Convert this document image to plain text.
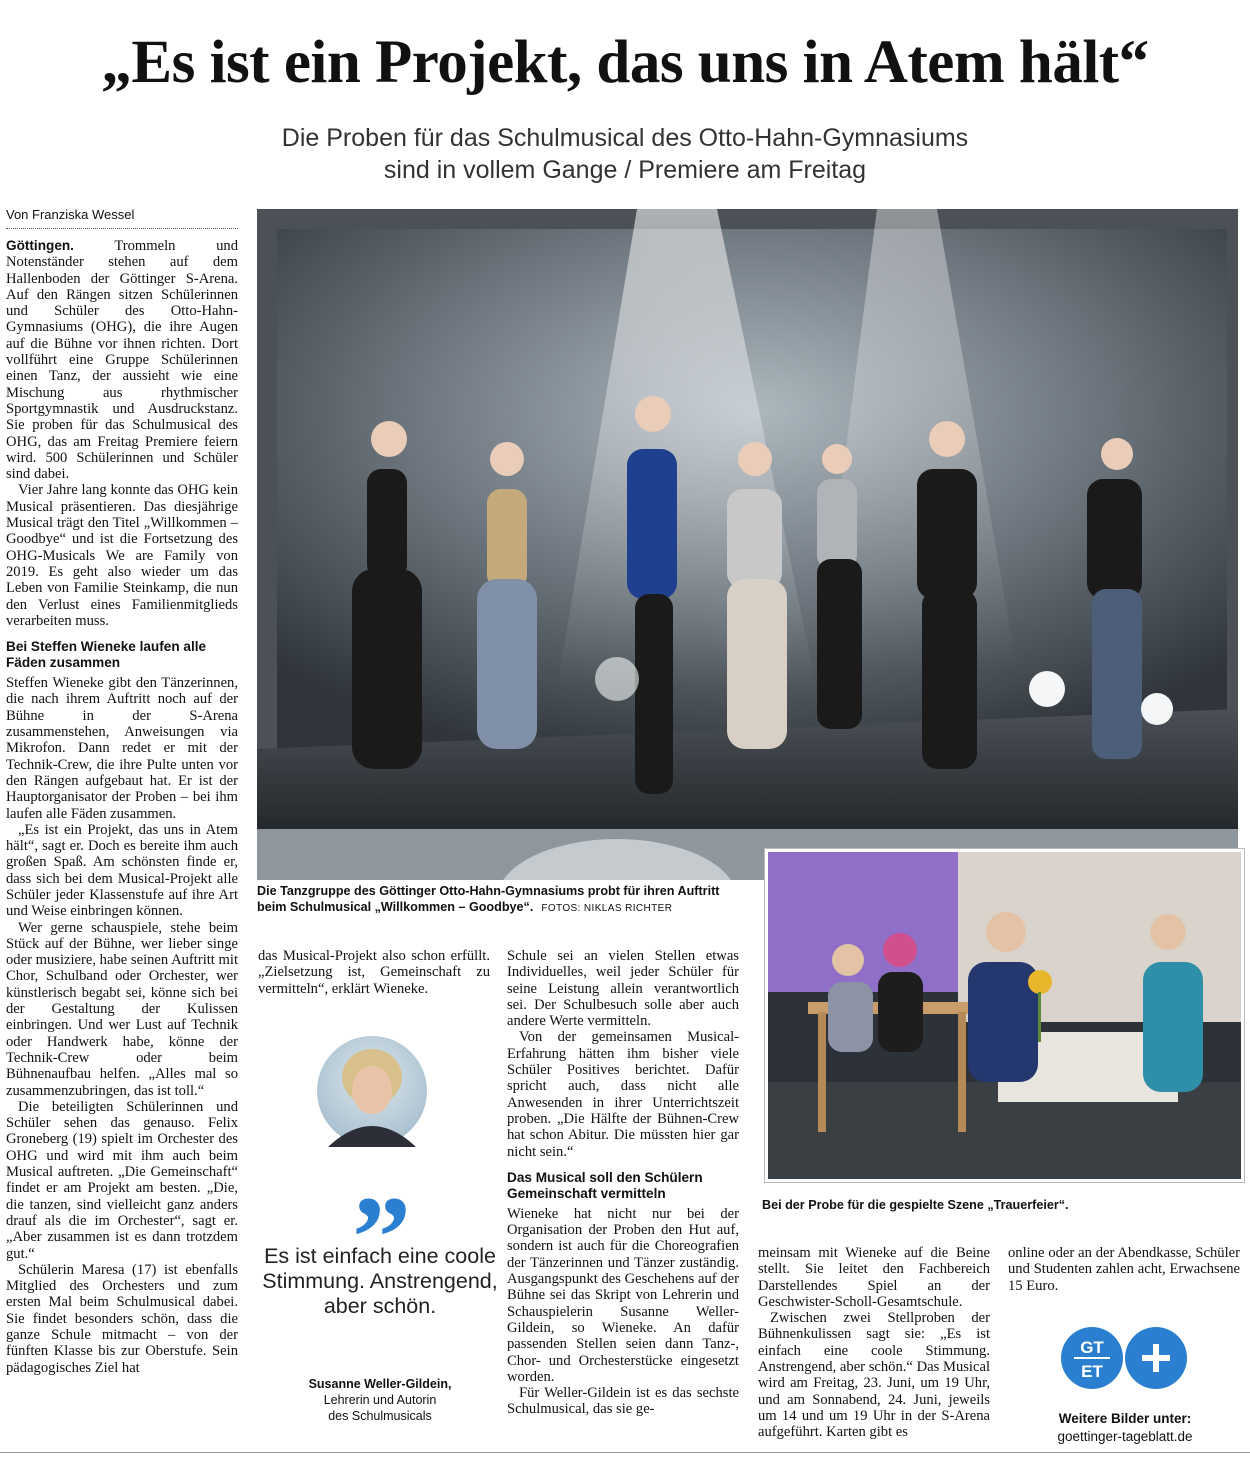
„Es ist ein Projekt, das uns in Atem hält“
Die Proben für das Schulmusical des Otto-Hahn-Gymnasiums
sind in vollem Gange / Premiere am Freitag
Von Franziska Wessel

Göttingen.	Trommeln und Notenständer stehen auf dem Hallenboden der Göttinger S-Arena. Auf den Rängen sitzen Schülerinnen und Schüler des Otto-Hahn-Gymnasiums (OHG), die ihre Augen auf die Bühne vor ihnen richten. Dort vollführt eine Gruppe Schülerinnen einen Tanz, der aussieht wie eine Mischung aus rhythmischer Sportgymnastik und Ausdruckstanz. Sie proben für das Schulmusical des OHG, das am Freitag Premiere feiern wird. 500 Schülerinnen und Schüler sind dabei.

Vier Jahre lang konnte das OHG kein Musical präsentieren. Das diesjährige Musical trägt den Titel „Willkommen – Goodbye“ und ist die Fortsetzung des OHG-Musicals We are Family von 2019. Es geht also wieder um das Leben von Familie Steinkamp, die nun den Verlust eines Familienmitglieds verarbeiten muss.

Bei Steffen Wieneke laufen alle Fäden zusammen

Steffen Wieneke gibt den Tänzerinnen, die nach ihrem Auftritt noch auf der Bühne in der S-Arena zusammenstehen, Anweisungen via Mikrofon. Dann redet er mit der Technik-Crew, die ihre Pulte unten vor den Rängen aufgebaut hat. Er ist der Hauptorganisator der Proben – bei ihm laufen alle Fäden zusammen.

„Es ist ein Projekt, das uns in Atem hält“, sagt er. Doch es bereite ihm auch großen Spaß. Am schönsten finde er, dass sich bei dem Musical-Projekt alle Schüler jeder Klassenstufe auf ihre Art und Weise einbringen können.

Wer gerne schauspiele, stehe beim Stück auf der Bühne, wer lieber singe oder musiziere, habe seinen Auftritt mit Chor, Schulband oder Orchester, wer künstlerisch begabt sei, könne sich bei der Gestaltung der Kulissen einbringen. Und wer Lust auf Technik oder Handwerk habe, könne der Technik-Crew oder beim Bühnenaufbau helfen. „Alles mal so zusammenzubringen, das ist toll.“

Die beteiligten Schülerinnen und Schüler sehen das genauso. Felix Groneberg (19) spielt im Orchester des OHG und wird mit ihm auch beim Musical auftreten. „Die Gemeinschaft“ findet er am Projekt am besten. „Die, die tanzen, sind vielleicht ganz anders drauf als die im Orchester“, sagt er. „Aber zusammen ist es dann trotzdem gut.“

Schülerin Maresa (17) ist ebenfalls Mitglied des Orchesters und zum ersten Mal beim Schulmusical dabei. Sie findet besonders schön, dass die ganze Schule mitmacht – von der fünften Klasse bis zur Oberstufe. Sein pädagogisches Ziel hat

Die Tanzgruppe des Göttinger Otto-Hahn-Gymnasiums probt für ihren Auftritt
beim Schulmusical „Willkommen – Goodbye“. FOTOS: NIKLAS RICHTER
Bei der Probe für die gespielte Szene „Trauerfeier“.

das Musical-Projekt also schon erfüllt. „Zielsetzung ist, Gemeinschaft zu vermitteln“, erklärt Wieneke.

”
Es ist einfach eine coole Stimmung. Anstrengend, aber schön.
Susanne Weller-Gildein,
Lehrerin und Autorin
des Schulmusicals

Schule sei an vielen Stellen etwas Individuelles, weil jeder Schüler für seine Leistung allein verantwortlich sei. Der Schulbesuch solle aber auch andere Werte vermitteln.

Von der gemeinsamen Musical-Erfahrung hätten ihm bisher viele Schüler Positives berichtet. Dafür spricht auch, dass nicht alle Anwesenden in ihrer Unterrichtszeit proben. „Die Hälfte der Bühnen-Crew hat schon Abitur. Die müssten hier gar nicht sein.“

Das Musical soll den Schülern Gemeinschaft vermitteln

Wieneke hat nicht nur bei der Organisation der Proben den Hut auf, sondern ist auch für die Choreografien der Tänzerinnen und Tänzer zuständig. Ausgangspunkt des Geschehens auf der Bühne sei das Skript von Lehrerin und Schauspielerin Susanne Weller-Gildein, so Wieneke. An dafür passenden Stellen seien dann Tanz-, Chor- und Orchesterstücke eingesetzt worden.

Für Weller-Gildein ist es das sechste Schulmusical, das sie ge-

meinsam mit Wieneke auf die Beine stellt. Sie leitet den Fachbereich Darstellendes Spiel an der Geschwister-Scholl-Gesamtschule.

Zwischen zwei Stellproben der Bühnenkulissen sagt sie: „Es ist einfach eine coole Stimmung. Anstrengend, aber schön.“ Das Musical wird am Freitag, 23. Juni, um 19 Uhr, und am Sonnabend, 24. Juni, jeweils um 14 und um 19 Uhr in der S-Arena aufgeführt. Karten gibt es

online oder an der Abendkasse, Schüler und Studenten zahlen acht, Erwachsene 15 Euro.

GT
ET
Weitere Bilder unter:
goettinger-tageblatt.de
